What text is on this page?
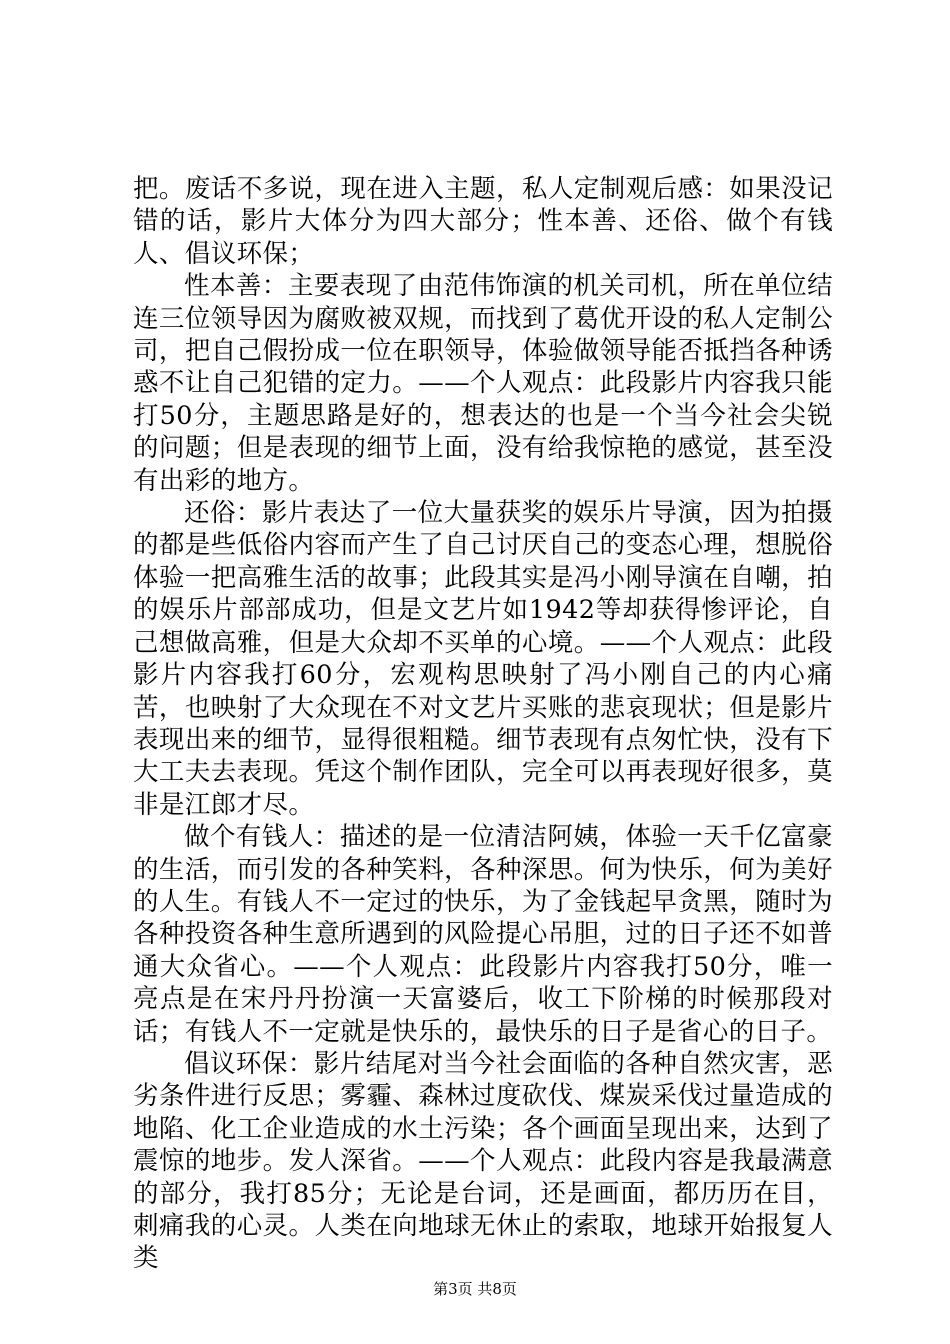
把。废话不多说，现在进入主题，私人定制观后感：如果没记错的话，影片大体分为四大部分；性本善、还俗、做个有钱人、倡议环保；

性本善：主要表现了由范伟饰演的机关司机，所在单位结连三位领导因为腐败被双规，而找到了葛优开设的私人定制公司，把自己假扮成一位在职领导，体验做领导能否抵挡各种诱惑不让自己犯错的定力。——个人观点：此段影片内容我只能打50分，主题思路是好的，想表达的也是一个当今社会尖锐的问题；但是表现的细节上面，没有给我惊艳的感觉，甚至没有出彩的地方。

还俗：影片表达了一位大量获奖的娱乐片导演，因为拍摄的都是些低俗内容而产生了自己讨厌自己的变态心理，想脱俗体验一把高雅生活的故事；此段其实是冯小刚导演在自嘲，拍的娱乐片部部成功，但是文艺片如1942等却获得惨评论，自己想做高雅，但是大众却不买单的心境。——个人观点：此段影片内容我打60分，宏观构思映射了冯小刚自己的内心痛苦，也映射了大众现在不对文艺片买账的悲哀现状；但是影片表现出来的细节，显得很粗糙。细节表现有点匆忙快，没有下大工夫去表现。凭这个制作团队，完全可以再表现好很多，莫非是江郎才尽。

做个有钱人：描述的是一位清洁阿姨，体验一天千亿富豪的生活，而引发的各种笑料，各种深思。何为快乐，何为美好的人生。有钱人不一定过的快乐，为了金钱起早贪黑，随时为各种投资各种生意所遇到的风险提心吊胆，过的日子还不如普通大众省心。——个人观点：此段影片内容我打50分，唯一亮点是在宋丹丹扮演一天富婆后，收工下阶梯的时候那段对话；有钱人不一定就是快乐的，最快乐的日子是省心的日子。

倡议环保：影片结尾对当今社会面临的各种自然灾害，恶劣条件进行反思；雾霾、森林过度砍伐、煤炭采伐过量造成的地陷、化工企业造成的水土污染；各个画面呈现出来，达到了震惊的地步。发人深省。——个人观点：此段内容是我最满意的部分，我打85分；无论是台词，还是画面，都历历在目，刺痛我的心灵。人类在向地球无休止的索取，地球开始报复人类

第3页 共8页
